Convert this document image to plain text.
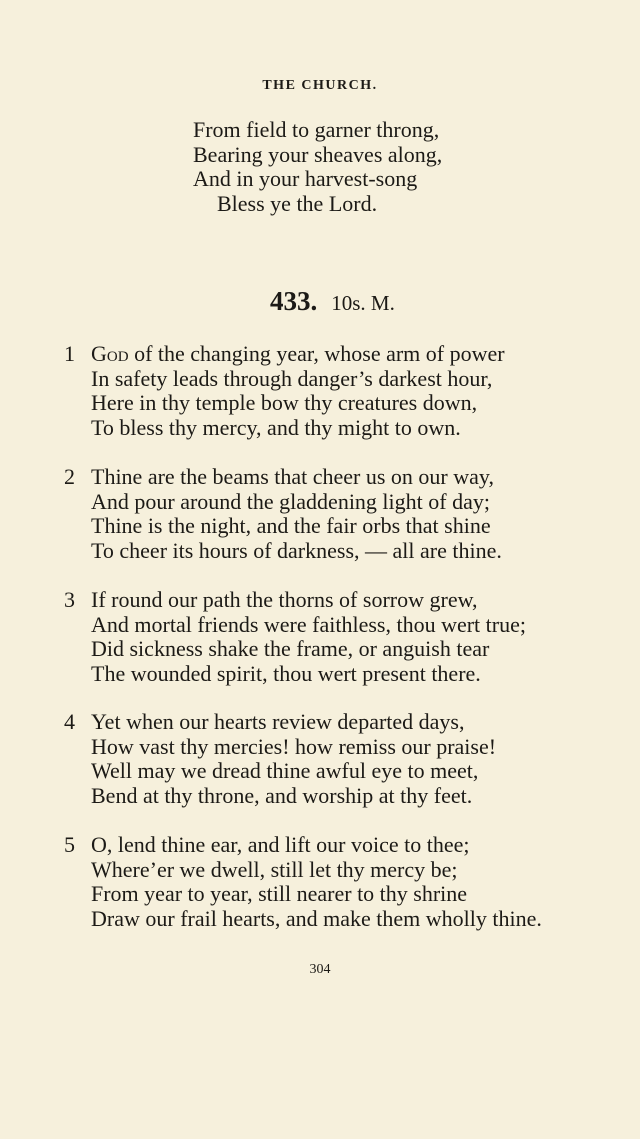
THE CHURCH.
From field to garner throng,
Bearing your sheaves along,
And in your harvest-song
Bless ye the Lord.
433. 10s. M.
1 God of the changing year, whose arm of power
In safety leads through danger’s darkest hour,
Here in thy temple bow thy creatures down,
To bless thy mercy, and thy might to own.
2 Thine are the beams that cheer us on our way,
And pour around the gladdening light of day;
Thine is the night, and the fair orbs that shine
To cheer its hours of darkness, — all are thine.
3 If round our path the thorns of sorrow grew,
And mortal friends were faithless, thou wert true;
Did sickness shake the frame, or anguish tear
The wounded spirit, thou wert present there.
4 Yet when our hearts review departed days,
How vast thy mercies! how remiss our praise!
Well may we dread thine awful eye to meet,
Bend at thy throne, and worship at thy feet.
5 O, lend thine ear, and lift our voice to thee;
Where’er we dwell, still let thy mercy be;
From year to year, still nearer to thy shrine
Draw our frail hearts, and make them wholly thine.
304
